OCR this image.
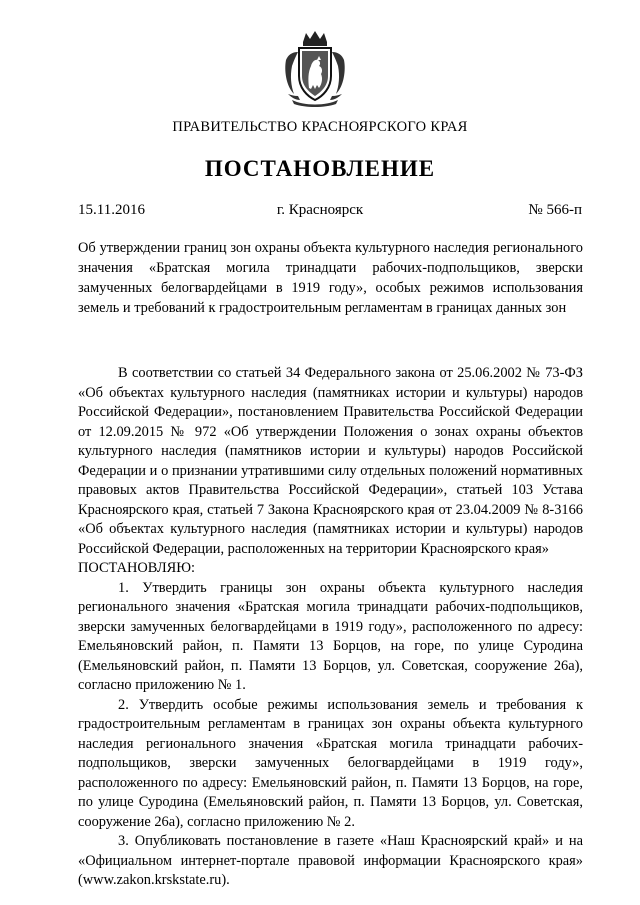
ПРАВИТЕЛЬСТВО КРАСНОЯРСКОГО КРАЯ
ПОСТАНОВЛЕНИЕ
15.11.2016	г. Красноярск	№ 566-п
Об утверждении границ зон охраны объекта культурного наследия регионального значения «Братская могила тринадцати рабочих-подпольщиков, зверски замученных белогвардейцами в 1919 году», особых режимов использования земель и требований к градостроительным регламентам в границах данных зон

В соответствии со статьей 34 Федерального закона от 25.06.2002 № 73-ФЗ «Об объектах культурного наследия (памятниках истории и культуры) народов Российской Федерации», постановлением Правительства Российской Федерации от 12.09.2015 № 972 «Об утверждении Положения о зонах охраны объектов культурного наследия (памятников истории и культуры) народов Российской Федерации и о признании утратившими силу отдельных положений нормативных правовых актов Правительства Российской Федерации», статьей 103 Устава Красноярского края, статьей 7 Закона Красноярского края от 23.04.2009 № 8-3166 «Об объектах культурного наследия (памятниках истории и культуры) народов Российской Федерации, расположенных на территории Красноярского края»

ПОСТАНОВЛЯЮ:

1. Утвердить границы зон охраны объекта культурного наследия регионального значения «Братская могила тринадцати рабочих-подпольщиков, зверски замученных белогвардейцами в 1919 году», расположенного по адресу: Емельяновский район, п. Памяти 13 Борцов, на горе, по улице Суродина (Емельяновский район, п. Памяти 13 Борцов, ул. Советская, сооружение 26а), согласно приложению № 1.

2. Утвердить особые режимы использования земель и требования к градостроительным регламентам в границах зон охраны объекта культурного наследия регионального значения «Братская могила тринадцати рабочих-подпольщиков, зверски замученных белогвардейцами в 1919 году», расположенного по адресу: Емельяновский район, п. Памяти 13 Борцов, на горе, по улице Суродина (Емельяновский район, п. Памяти 13 Борцов, ул. Советская, сооружение 26а), согласно приложению № 2.

3. Опубликовать постановление в газете «Наш Красноярский край» и на «Официальном интернет-портале правовой информации Красноярского края» (www.zakon.krskstate.ru).
